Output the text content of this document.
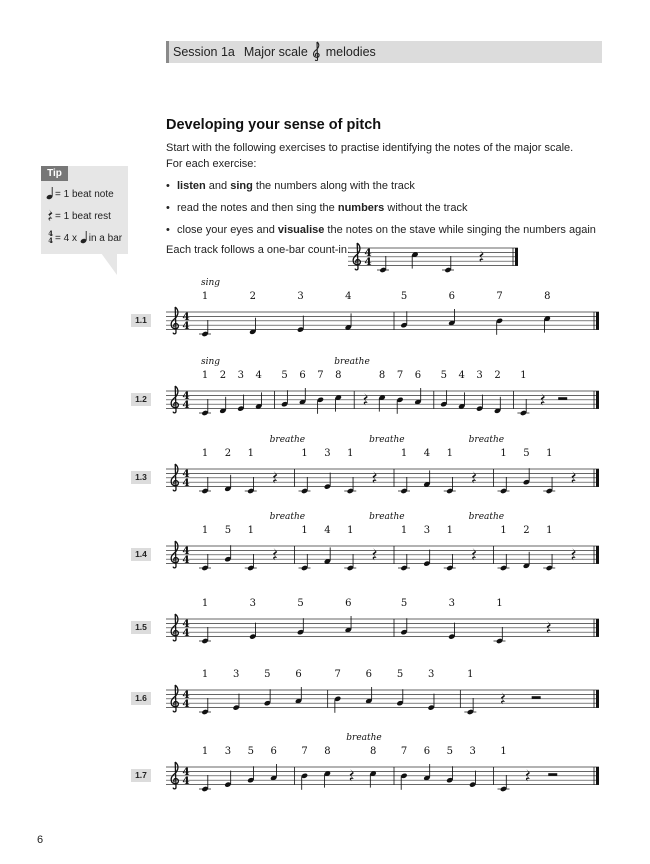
Session 1a Major scale melodies
Developing your sense of pitch
Start with the following exercises to practise identifying the notes of the major scale.
For each exercise:
• listen and sing the numbers along with the track
• read the notes and then sing the numbers without the track
• close your eyes and visualise the notes on the stave while singing the numbers again
Each track follows a one-bar count-in.
Tip
= 1 beat note
= 1 beat rest
4
4 = 4 x in a bar
1.1
1.2
1.3
1.4
1.5
1.6
1.7
4
4
1	2	3	4	5	6	7	8
sing
4
4
1 2 3 4 5 6 7 8	8 7 6 5 4 3 2 1
sing	breathe
4
4
1 2 1	1 3 1	1 4 1	1 5 1
breathe	breathe	breathe
4
4
1 5 1	1 4 1	1 3 1	1 2 1
breathe	breathe	breathe
4
4
1	3	5	6	5	3	1
4
4
1 3 5 6	7 6 5 3	1
4
4
1 3 5 6 7 8	8 7 6 5 3 1
breathe
4
4
6
